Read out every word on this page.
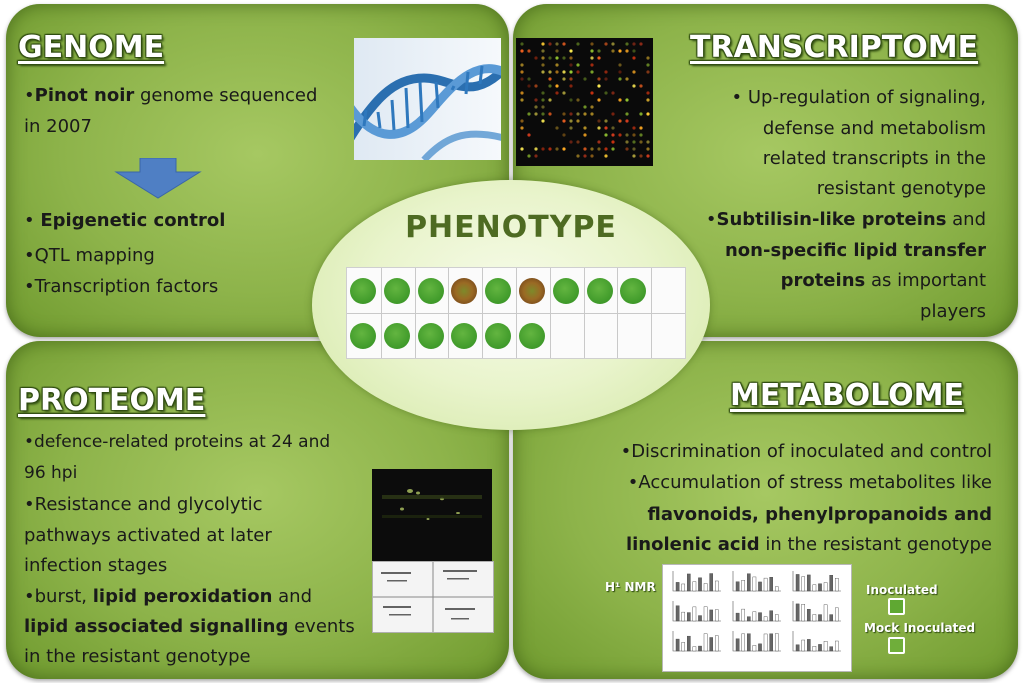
GENOME
•Pinot noir genome sequenced
in 2007
• Epigenetic control
•QTL mapping
•Transcription factors
TRANSCRIPTOME
• Up-regulation of signaling,
defense and metabolism
related transcripts in the
resistant genotype
•Subtilisin-like proteins and
non-specific lipid transfer
proteins as important
players
PROTEOME
•defence-related proteins at 24 and
96 hpi
•Resistance and glycolytic
pathways activated at later
infection stages
•burst, lipid peroxidation and
lipid associated signalling events
in the resistant genotype
METABOLOME
•Discrimination of inoculated and control
•Accumulation of stress metabolites like
flavonoids, phenylpropanoids and
linolenic acid in the resistant genotype
H¹ NMR	Inoculated
Mock Inoculated
PHENOTYPE
